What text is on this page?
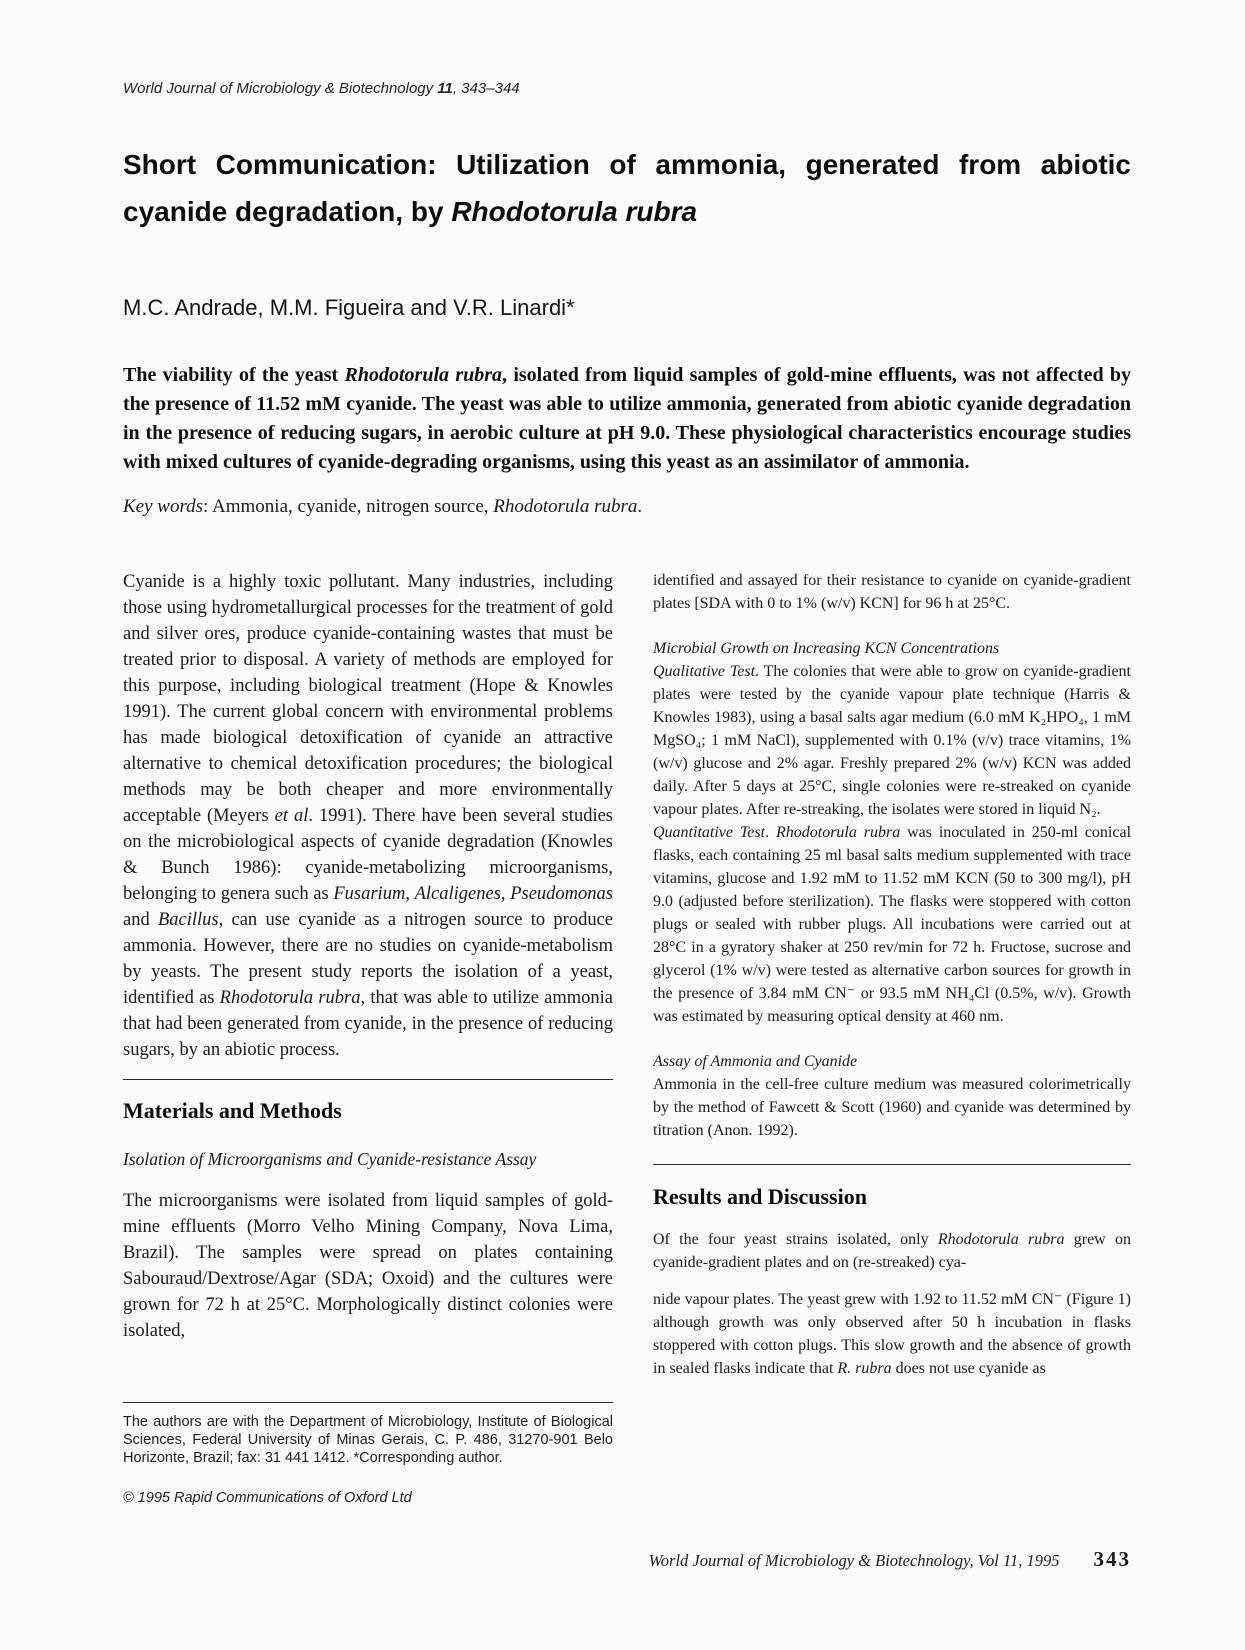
World Journal of Microbiology & Biotechnology 11, 343–344
Short Communication: Utilization of ammonia, generated from abiotic
cyanide degradation, by Rhodotorula rubra
M.C. Andrade, M.M. Figueira and V.R. Linardi*
The viability of the yeast Rhodotorula rubra, isolated from liquid samples of gold-mine effluents, was not affected by the presence of 11.52 mM cyanide. The yeast was able to utilize ammonia, generated from abiotic cyanide degradation in the presence of reducing sugars, in aerobic culture at pH 9.0. These physiological characteristics encourage studies with mixed cultures of cyanide-degrading organisms, using this yeast as an assimilator of ammonia.
Key words: Ammonia, cyanide, nitrogen source, Rhodotorula rubra.
Cyanide is a highly toxic pollutant. Many industries, including those using hydrometallurgical processes for the treatment of gold and silver ores, produce cyanide-containing wastes that must be treated prior to disposal. A variety of methods are employed for this purpose, including biological treatment (Hope & Knowles 1991). The current global concern with environmental problems has made biological detoxification of cyanide an attractive alternative to chemical detoxification procedures; the biological methods may be both cheaper and more environmentally acceptable (Meyers et al. 1991). There have been several studies on the microbiological aspects of cyanide degradation (Knowles & Bunch 1986): cyanide-metabolizing microorganisms, belonging to genera such as Fusarium, Alcaligenes, Pseudomonas and Bacillus, can use cyanide as a nitrogen source to produce ammonia. However, there are no studies on cyanide-metabolism by yeasts. The present study reports the isolation of a yeast, identified as Rhodotorula rubra, that was able to utilize ammonia that had been generated from cyanide, in the presence of reducing sugars, by an abiotic process.
Materials and Methods
Isolation of Microorganisms and Cyanide-resistance Assay
The microorganisms were isolated from liquid samples of gold-mine effluents (Morro Velho Mining Company, Nova Lima, Brazil). The samples were spread on plates containing Sabouraud/Dextrose/Agar (SDA; Oxoid) and the cultures were grown for 72 h at 25°C. Morphologically distinct colonies were isolated,
The authors are with the Department of Microbiology, Institute of Biological Sciences, Federal University of Minas Gerais, C. P. 486, 31270-901 Belo Horizonte, Brazil; fax: 31 441 1412. *Corresponding author.
© 1995 Rapid Communications of Oxford Ltd
identified and assayed for their resistance to cyanide on cyanide-gradient plates [SDA with 0 to 1% (w/v) KCN] for 96 h at 25°C.
Microbial Growth on Increasing KCN Concentrations
Qualitative Test. The colonies that were able to grow on cyanide-gradient plates were tested by the cyanide vapour plate technique (Harris & Knowles 1983), using a basal salts agar medium (6.0 mM K₂HPO₄, 1 mM MgSO₄; 1 mM NaCl), supplemented with 0.1% (v/v) trace vitamins, 1% (w/v) glucose and 2% agar. Freshly prepared 2% (w/v) KCN was added daily. After 5 days at 25°C, single colonies were re-streaked on cyanide vapour plates. After re-streaking, the isolates were stored in liquid N₂.
Quantitative Test. Rhodotorula rubra was inoculated in 250-ml conical flasks, each containing 25 ml basal salts medium supplemented with trace vitamins, glucose and 1.92 mM to 11.52 mM KCN (50 to 300 mg/l), pH 9.0 (adjusted before sterilization). The flasks were stoppered with cotton plugs or sealed with rubber plugs. All incubations were carried out at 28°C in a gyratory shaker at 250 rev/min for 72 h. Fructose, sucrose and glycerol (1% w/v) were tested as alternative carbon sources for growth in the presence of 3.84 mM CN⁻ or 93.5 mM NH₄Cl (0.5%, w/v). Growth was estimated by measuring optical density at 460 nm.
Assay of Ammonia and Cyanide
Ammonia in the cell-free culture medium was measured colorimetrically by the method of Fawcett & Scott (1960) and cyanide was determined by titration (Anon. 1992).
Results and Discussion
Of the four yeast strains isolated, only Rhodotorula rubra grew on cyanide-gradient plates and on (re-streaked) cya-
nide vapour plates. The yeast grew with 1.92 to 11.52 mM CN⁻ (Figure 1) although growth was only observed after 50 h incubation in flasks stoppered with cotton plugs. This slow growth and the absence of growth in sealed flasks indicate that R. rubra does not use cyanide as
World Journal of Microbiology & Biotechnology, Vol 11, 1995 343
